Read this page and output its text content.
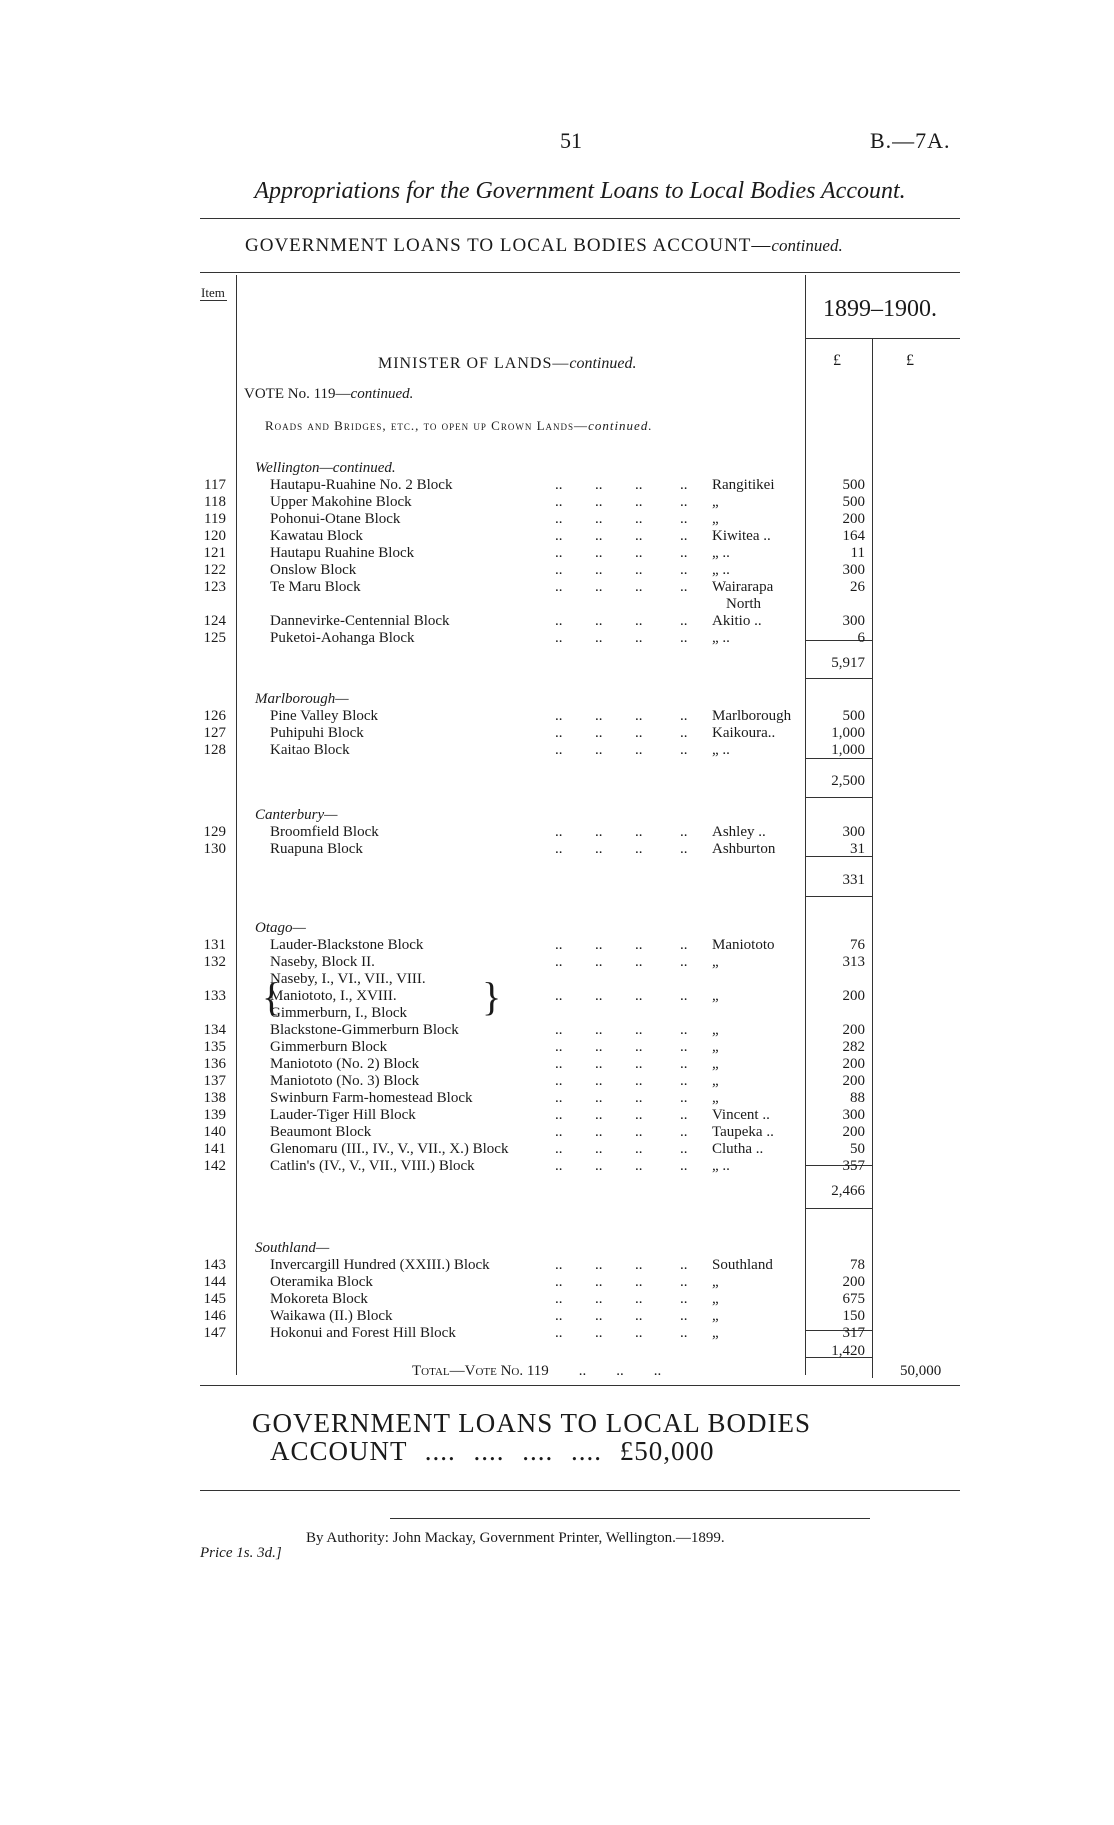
51	B.—7A.
Appropriations for the Government Loans to Local Bodies Account.
GOVERNMENT LOANS TO LOCAL BODIES ACCOUNT—continued.
Item
1899–1900.
£	£
MINISTER OF LANDS—continued.
VOTE No. 119—continued.
Roads and Bridges, etc., to open up Crown Lands—continued.
Wellington—continued.
117	Hautapu-Ruahine No. 2 Block	.. .. ..	.. Rangitikei	500
118	Upper Makohine Block	.. .. ..	.. „	500
119	Pohonui-Otane Block	.. .. ..	.. „	200
120	Kawatau Block	.. .. ..	.. Kiwitea ..	164
121	Hautapu Ruahine Block	.. .. ..	.. „ ..	11
122	Onslow Block	.. .. ..	.. „ ..	300
123	Te Maru Block	.. .. ..	.. Wairarapa	26
North
124	Dannevirke-Centennial Block	.. .. ..	.. Akitio ..	300
125	Puketoi-Aohanga Block	.. .. ..	.. „ ..	6
5,917
Marlborough—
126	Pine Valley Block	.. .. ..	.. Marlborough	500
127	Puhipuhi Block	.. .. ..	.. Kaikoura..	1,000
128	Kaitao Block	.. .. ..	.. „ ..	1,000
2,500
Canterbury—
129	Broomfield Block	.. .. ..	.. Ashley ..	300
130	Ruapuna Block	.. .. ..	.. Ashburton	31
331
Otago—
131	Lauder-Blackstone Block	.. .. ..	.. Maniototo	76
132	Naseby, Block II.	.. .. ..	.. „	313
Naseby, I., VI., VII., VIII.
133	Maniototo, I., XVIII.	.. .. ..	.. „	200
Gimmerburn, I., Block
134	Blackstone-Gimmerburn Block	.. .. ..	.. „	200
135	Gimmerburn Block	.. .. ..	.. „	282
136	Maniototo (No. 2) Block	.. .. ..	.. „	200
137	Maniototo (No. 3) Block	.. .. ..	.. „	200
138	Swinburn Farm-homestead Block	.. .. ..	.. „	88
139	Lauder-Tiger Hill Block	.. .. ..	.. Vincent ..	300
140	Beaumont Block	.. .. ..	.. Taupeka ..	200
141	Glenomaru (III., IV., V., VII., X.) Block	.. .. ..	.. Clutha ..	50
142	Catlin's (IV., V., VII., VIII.) Block	.. .. ..	.. „ ..	357
2,466
Southland—
143	Invercargill Hundred (XXIII.) Block	.. .. ..	.. Southland	78
144	Oteramika Block	.. .. ..	.. „	200
145	Mokoreta Block	.. .. ..	.. „	675
146	Waikawa (II.) Block	.. .. ..	.. „	150
147	Hokonui and Forest Hill Block	.. .. ..	.. „	317
1,420
{	}
Total—Vote No. 119        ..        ..        ..	50,000
GOVERNMENT LOANS TO LOCAL BODIES
ACCOUNT .... .... .... .... £50,000
By Authority: John Mackay, Government Printer, Wellington.—1899.
Price 1s. 3d.]
